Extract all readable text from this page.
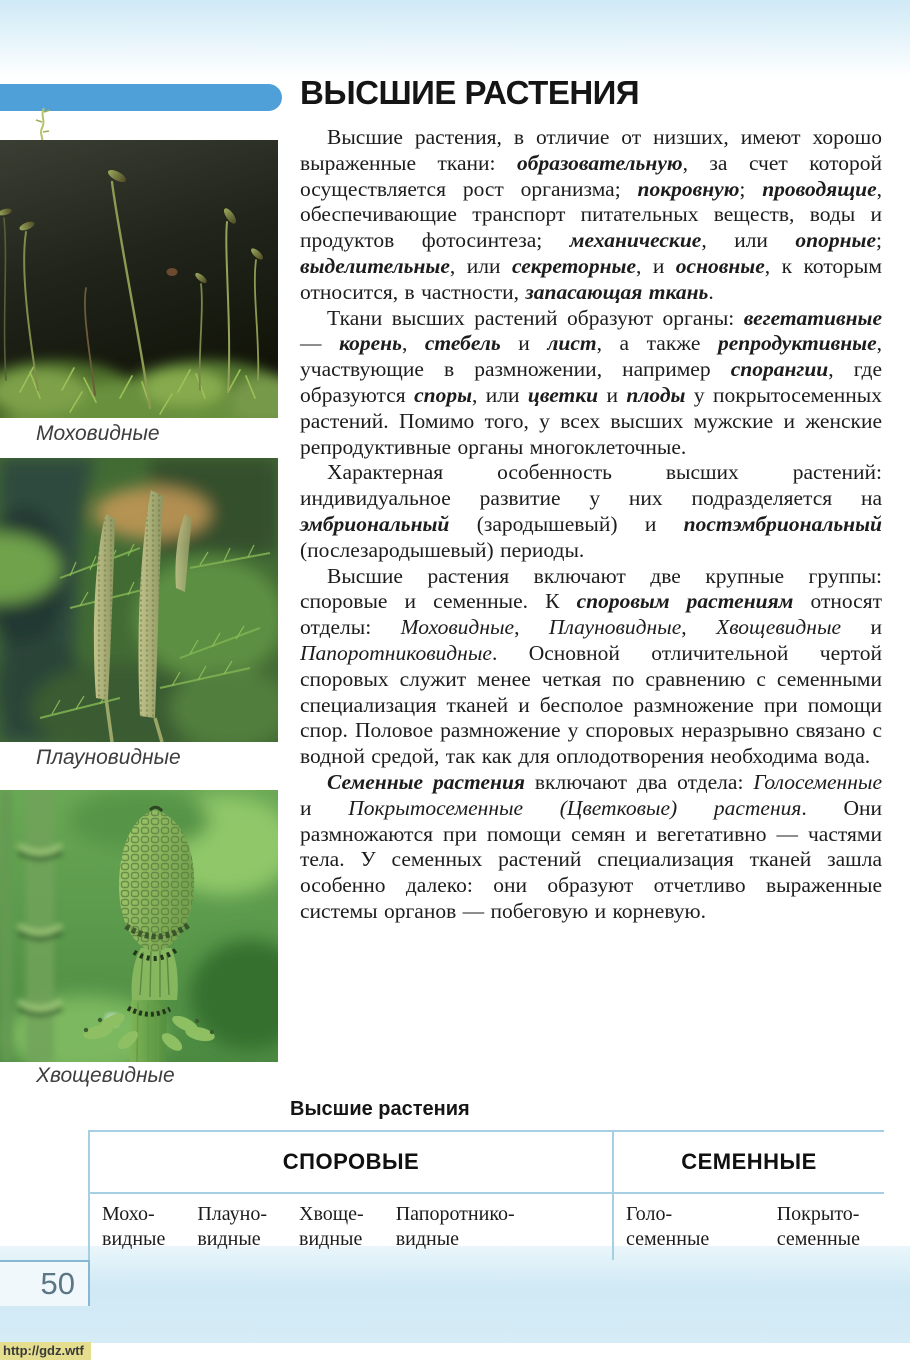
ВЫСШИЕ РАСТЕНИЯ
Моховидные
Плауновидные
Хвощевидные

Высшие растения, в отличие от низших, имеют хорошо выраженные ткани: образовательную, за счет которой осуществляется рост организма; покровную; проводящие, обеспечивающие транспорт питательных веществ, воды и продуктов фотосинтеза; механические, или опорные; выделительные, или секреторные, и основные, к которым относится, в частности, запасающая ткань.

Ткани высших растений образуют органы: вегетативные — корень, стебель и лист, а также репродуктивные, участвующие в размножении, например спорангии, где образуются споры, или цветки и плоды у покрытосеменных растений. Помимо того, у всех высших мужские и женские репродуктивные органы многоклеточные.

Характерная особенность высших растений: индивидуальное развитие у них подразделяется на эмбриональный (зародышевый) и постэмбриональный (послезародышевый) периоды.

Высшие растения включают две крупные группы: споровые и семенные. К споровым растениям относят отделы: Моховидные, Плауновидные, Хвощевидные и Папоротниковидные. Основной отличительной чертой споровых служит менее четкая по сравнению с семенными специализация тканей и бесполое размножение при помощи спор. Половое размножение у споровых неразрывно связано с водной средой, так как для оплодотворения необходима вода.

Семенные растения включают два отдела: Голосеменные и Покрытосеменные (Цветковые) растения. Они размножаются при помощи семян и вегетативно — частями тела. У семенных растений специализация тканей зашла особенно далеко: они образуют отчетливо выраженные системы органов — побеговую и корневую.

Высшие растения
СПОРОВЫЕ
Мохо-
видные
Плауно-
видные
Хвоще-
видные
Папоротнико-
видные
СЕМЕННЫЕ
Голо-
семенные
Покрыто-
семенные
50
http://gdz.wtf
